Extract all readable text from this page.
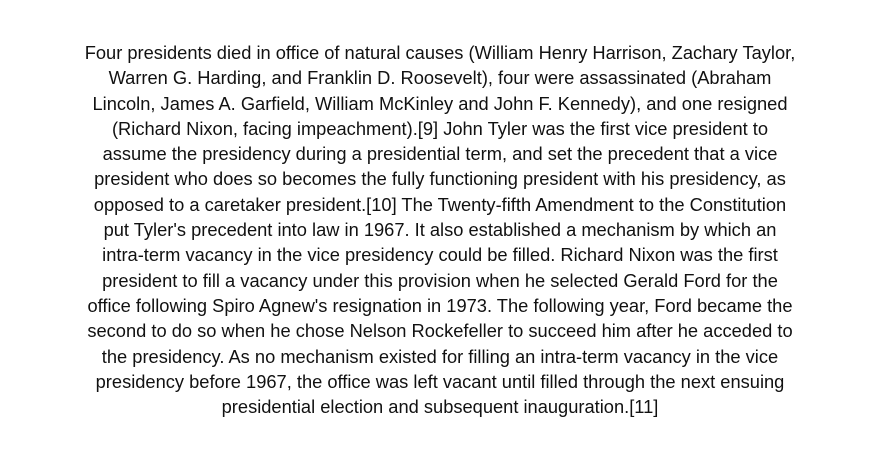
Four presidents died in office of natural causes (William Henry Harrison, Zachary Taylor,
Warren G. Harding, and Franklin D. Roosevelt), four were assassinated (Abraham
Lincoln, James A. Garfield, William McKinley and John F. Kennedy), and one resigned
(Richard Nixon, facing impeachment).[9] John Tyler was the first vice president to
assume the presidency during a presidential term, and set the precedent that a vice
president who does so becomes the fully functioning president with his presidency, as
opposed to a caretaker president.[10] The Twenty-fifth Amendment to the Constitution
put Tyler's precedent into law in 1967. It also established a mechanism by which an
intra-term vacancy in the vice presidency could be filled. Richard Nixon was the first
president to fill a vacancy under this provision when he selected Gerald Ford for the
office following Spiro Agnew's resignation in 1973. The following year, Ford became the
second to do so when he chose Nelson Rockefeller to succeed him after he acceded to
the presidency. As no mechanism existed for filling an intra-term vacancy in the vice
presidency before 1967, the office was left vacant until filled through the next ensuing
presidential election and subsequent inauguration.[11]
